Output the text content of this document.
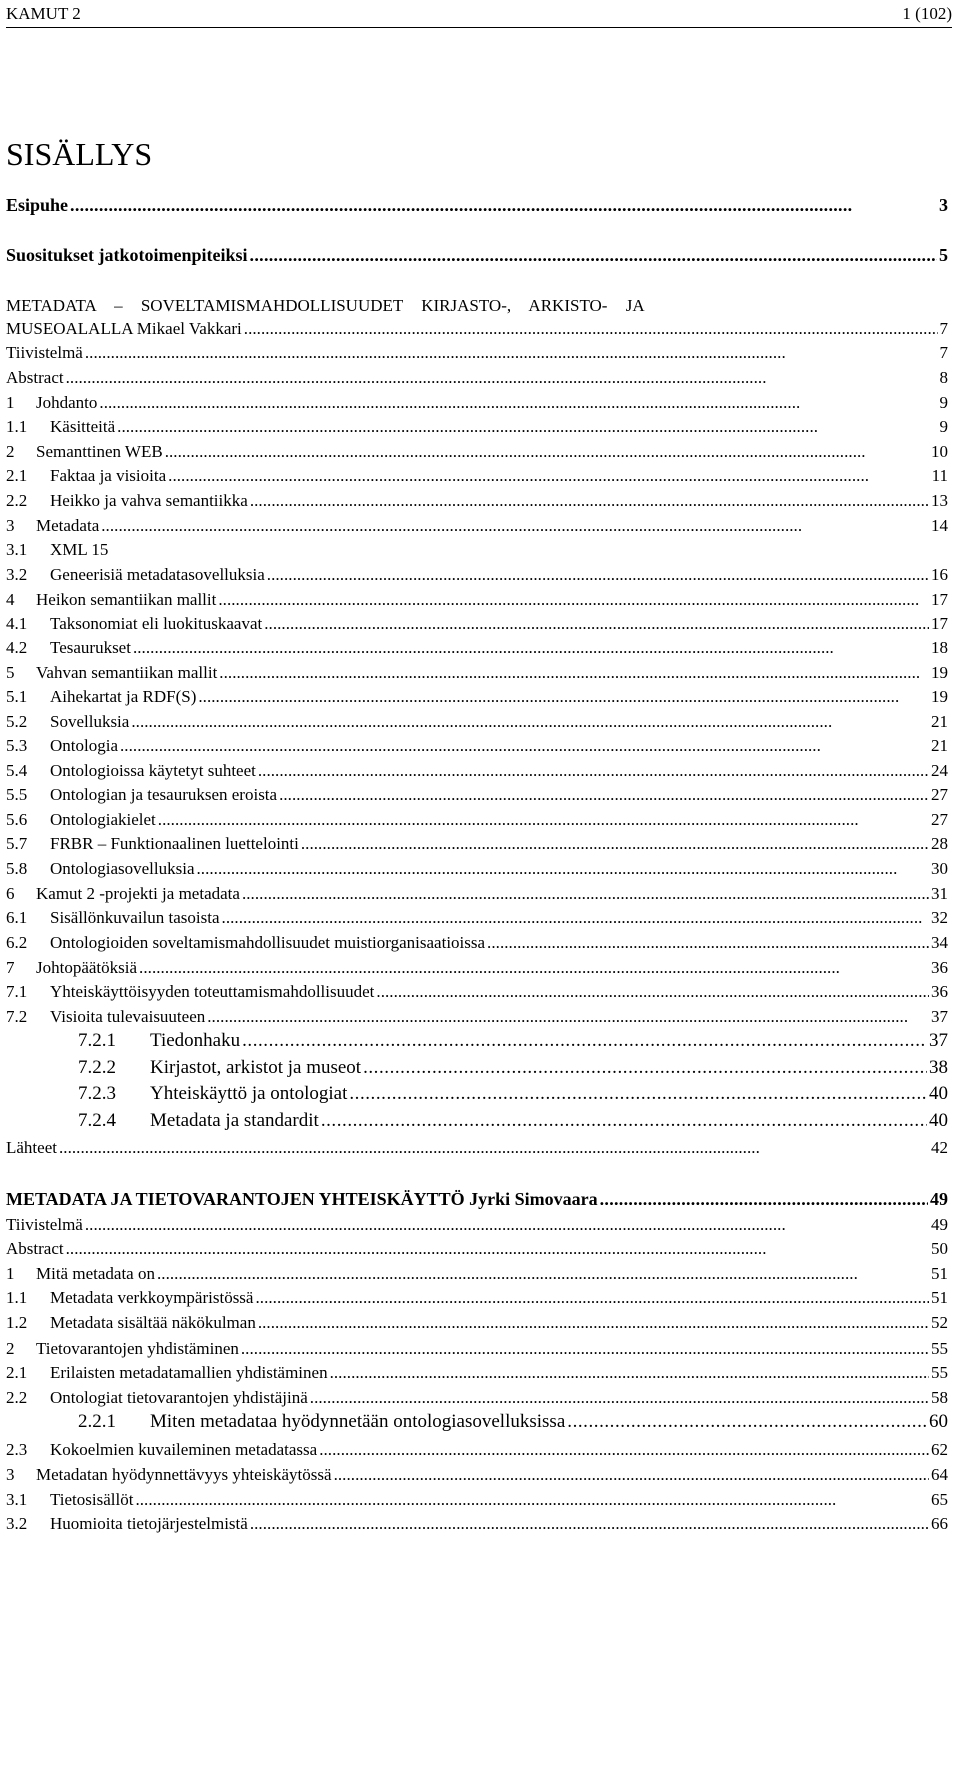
KAMUT 2	1 (102)
SISÄLLYS
Esipuhe . . .	3
Suositukset jatkotoimenpiteiksi . . .	5
METADATA – SOVELTAMISMAHDOLLISUUDET KIRJASTO-, ARKISTO- JA
MUSEOALALLA Mikael Vakkari . . .	7
Tiivistelmä . . .	7
Abstract . . .	8
1	Johdanto . . .	9
1.1	Käsitteitä . . .	9
2	Semanttinen WEB . . .	10
2.1	Faktaa ja visioita . . .	11
2.2	Heikko ja vahva semantiikka . . .	13
3	Metadata . . .	14
3.1	XML 15
3.2	Geneerisiä metadatasovelluksia . . .	16
4	Heikon semantiikan mallit . . .	17
4.1	Taksonomiat eli luokituskaavat . . .	17
4.2	Tesaurukset . . .	18
5	Vahvan semantiikan mallit . . .	19
5.1	Aihekartat ja RDF(S) . . .	19
5.2	Sovelluksia . . .	21
5.3	Ontologia . . .	21
5.4	Ontologioissa käytetyt suhteet . . .	24
5.5	Ontologian ja tesauruksen eroista . . .	27
5.6	Ontologiakielet . . .	27
5.7	FRBR – Funktionaalinen luettelointi . . .	28
5.8	Ontologiasovelluksia . . .	30
6	Kamut 2 -projekti ja metadata . . .	31
6.1	Sisällönkuvailun tasoista . . .	32
6.2	Ontologioiden soveltamismahdollisuudet muistiorganisaatioissa . . .	34
7	Johtopäätöksiä . . .	36
7.1	Yhteiskäyttöisyyden toteuttamismahdollisuudet . . .	36
7.2	Visioita tulevaisuuteen . . .	37
7.2.1	Tiedonhaku . . .	37
7.2.2	Kirjastot, arkistot ja museot . . .	38
7.2.3	Yhteiskäyttö ja ontologiat . . .	40
7.2.4	Metadata ja standardit . . .	40
Lähteet . . .	42
METADATA JA TIETOVARANTOJEN YHTEISKÄYTTÖ Jyrki Simovaara . . .	49
Tiivistelmä . . .	49
Abstract . . .	50
1	Mitä metadata on . . .	51
1.1	Metadata verkkoympäristössä . . .	51
1.2	Metadata sisältää näkökulman . . .	52
2	Tietovarantojen yhdistäminen . . .	55
2.1	Erilaisten metadatamallien yhdistäminen . . .	55
2.2	Ontologiat tietovarantojen yhdistäjinä . . .	58
2.2.1	Miten metadataa hyödynnetään ontologiasovelluksissa . . .	60
2.3	Kokoelmien kuvaileminen metadatassa . . .	62
3	Metadatan hyödynnettävyys yhteiskäytössä . . .	64
3.1	Tietosisällöt . . .	65
3.2	Huomioita tietojärjestelmistä . . .	66
